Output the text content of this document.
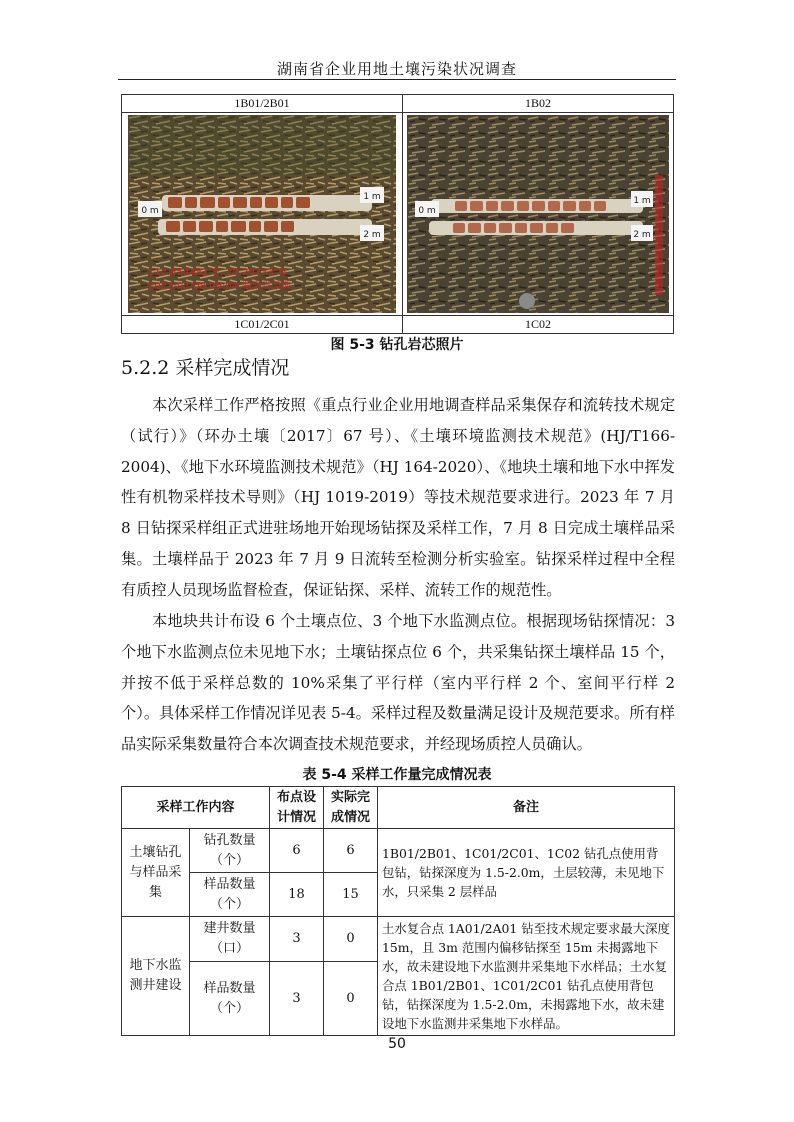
湖南省企业用地土壤污染状况调查
1B01/2B01	1B02

0 m
1 m
2 m
112.854481°E, 29.29733°N
2023-07-08 09:04 湖南省某地	0 m
1 m
2 m

1C01/2C01	1C02
图 5-3 钻孔岩芯照片
5.2.2 采样完成情况

本次采样工作严格按照《重点行业企业用地调查样品采集保存和流转技术规定（试行）》（环办土壤〔2017〕67 号）、《土壤环境监测技术规范》(HJ/T166-2004)、《地下水环境监测技术规范》（HJ 164-2020）、《地块土壤和地下水中挥发性有机物采样技术导则》（HJ 1019-2019）等技术规范要求进行。2023 年 7 月 8 日钻探采样组正式进驻场地开始现场钻探及采样工作，7 月 8 日完成土壤样品采集。土壤样品于 2023 年 7 月 9 日流转至检测分析实验室。钻探采样过程中全程有质控人员现场监督检查，保证钻探、采样、流转工作的规范性。

本地块共计布设 6 个土壤点位、3 个地下水监测点位。根据现场钻探情况：3 个地下水监测点位未见地下水；土壤钻探点位 6 个，共采集钻探土壤样品 15 个，并按不低于采样总数的 10%采集了平行样（室内平行样 2 个、室间平行样 2 个）。具体采样工作情况详见表 5-4。采样过程及数量满足设计及规范要求。所有样品实际采集数量符合本次调查技术规范要求，并经现场质控人员确认。

表 5-4 采样工作量完成情况表
采样工作内容		布点设计情况	实际完成情况	备注
土壤钻孔与样品采集	钻孔数量（个）	6	6	1B01/2B01、1C01/2C01、1C02 钻孔点使用背包钻，钻探深度为 1.5-2.0m，土层较薄，未见地下水，只采集 2 层样品
	样品数量（个）	18	15	
地下水监测井建设	建井数量（口）	3	0	土水复合点 1A01/2A01 钻至技术规定要求最大深度 15m，且 3m 范围内偏移钻探至 15m 未揭露地下水，故未建设地下水监测井采集地下水样品；土水复合点 1B01/2B01、1C01/2C01 钻孔点使用背包钻，钻探深度为 1.5-2.0m，未揭露地下水，故未建设地下水监测井采集地下水样品。
	样品数量（个）	3	0	
50
